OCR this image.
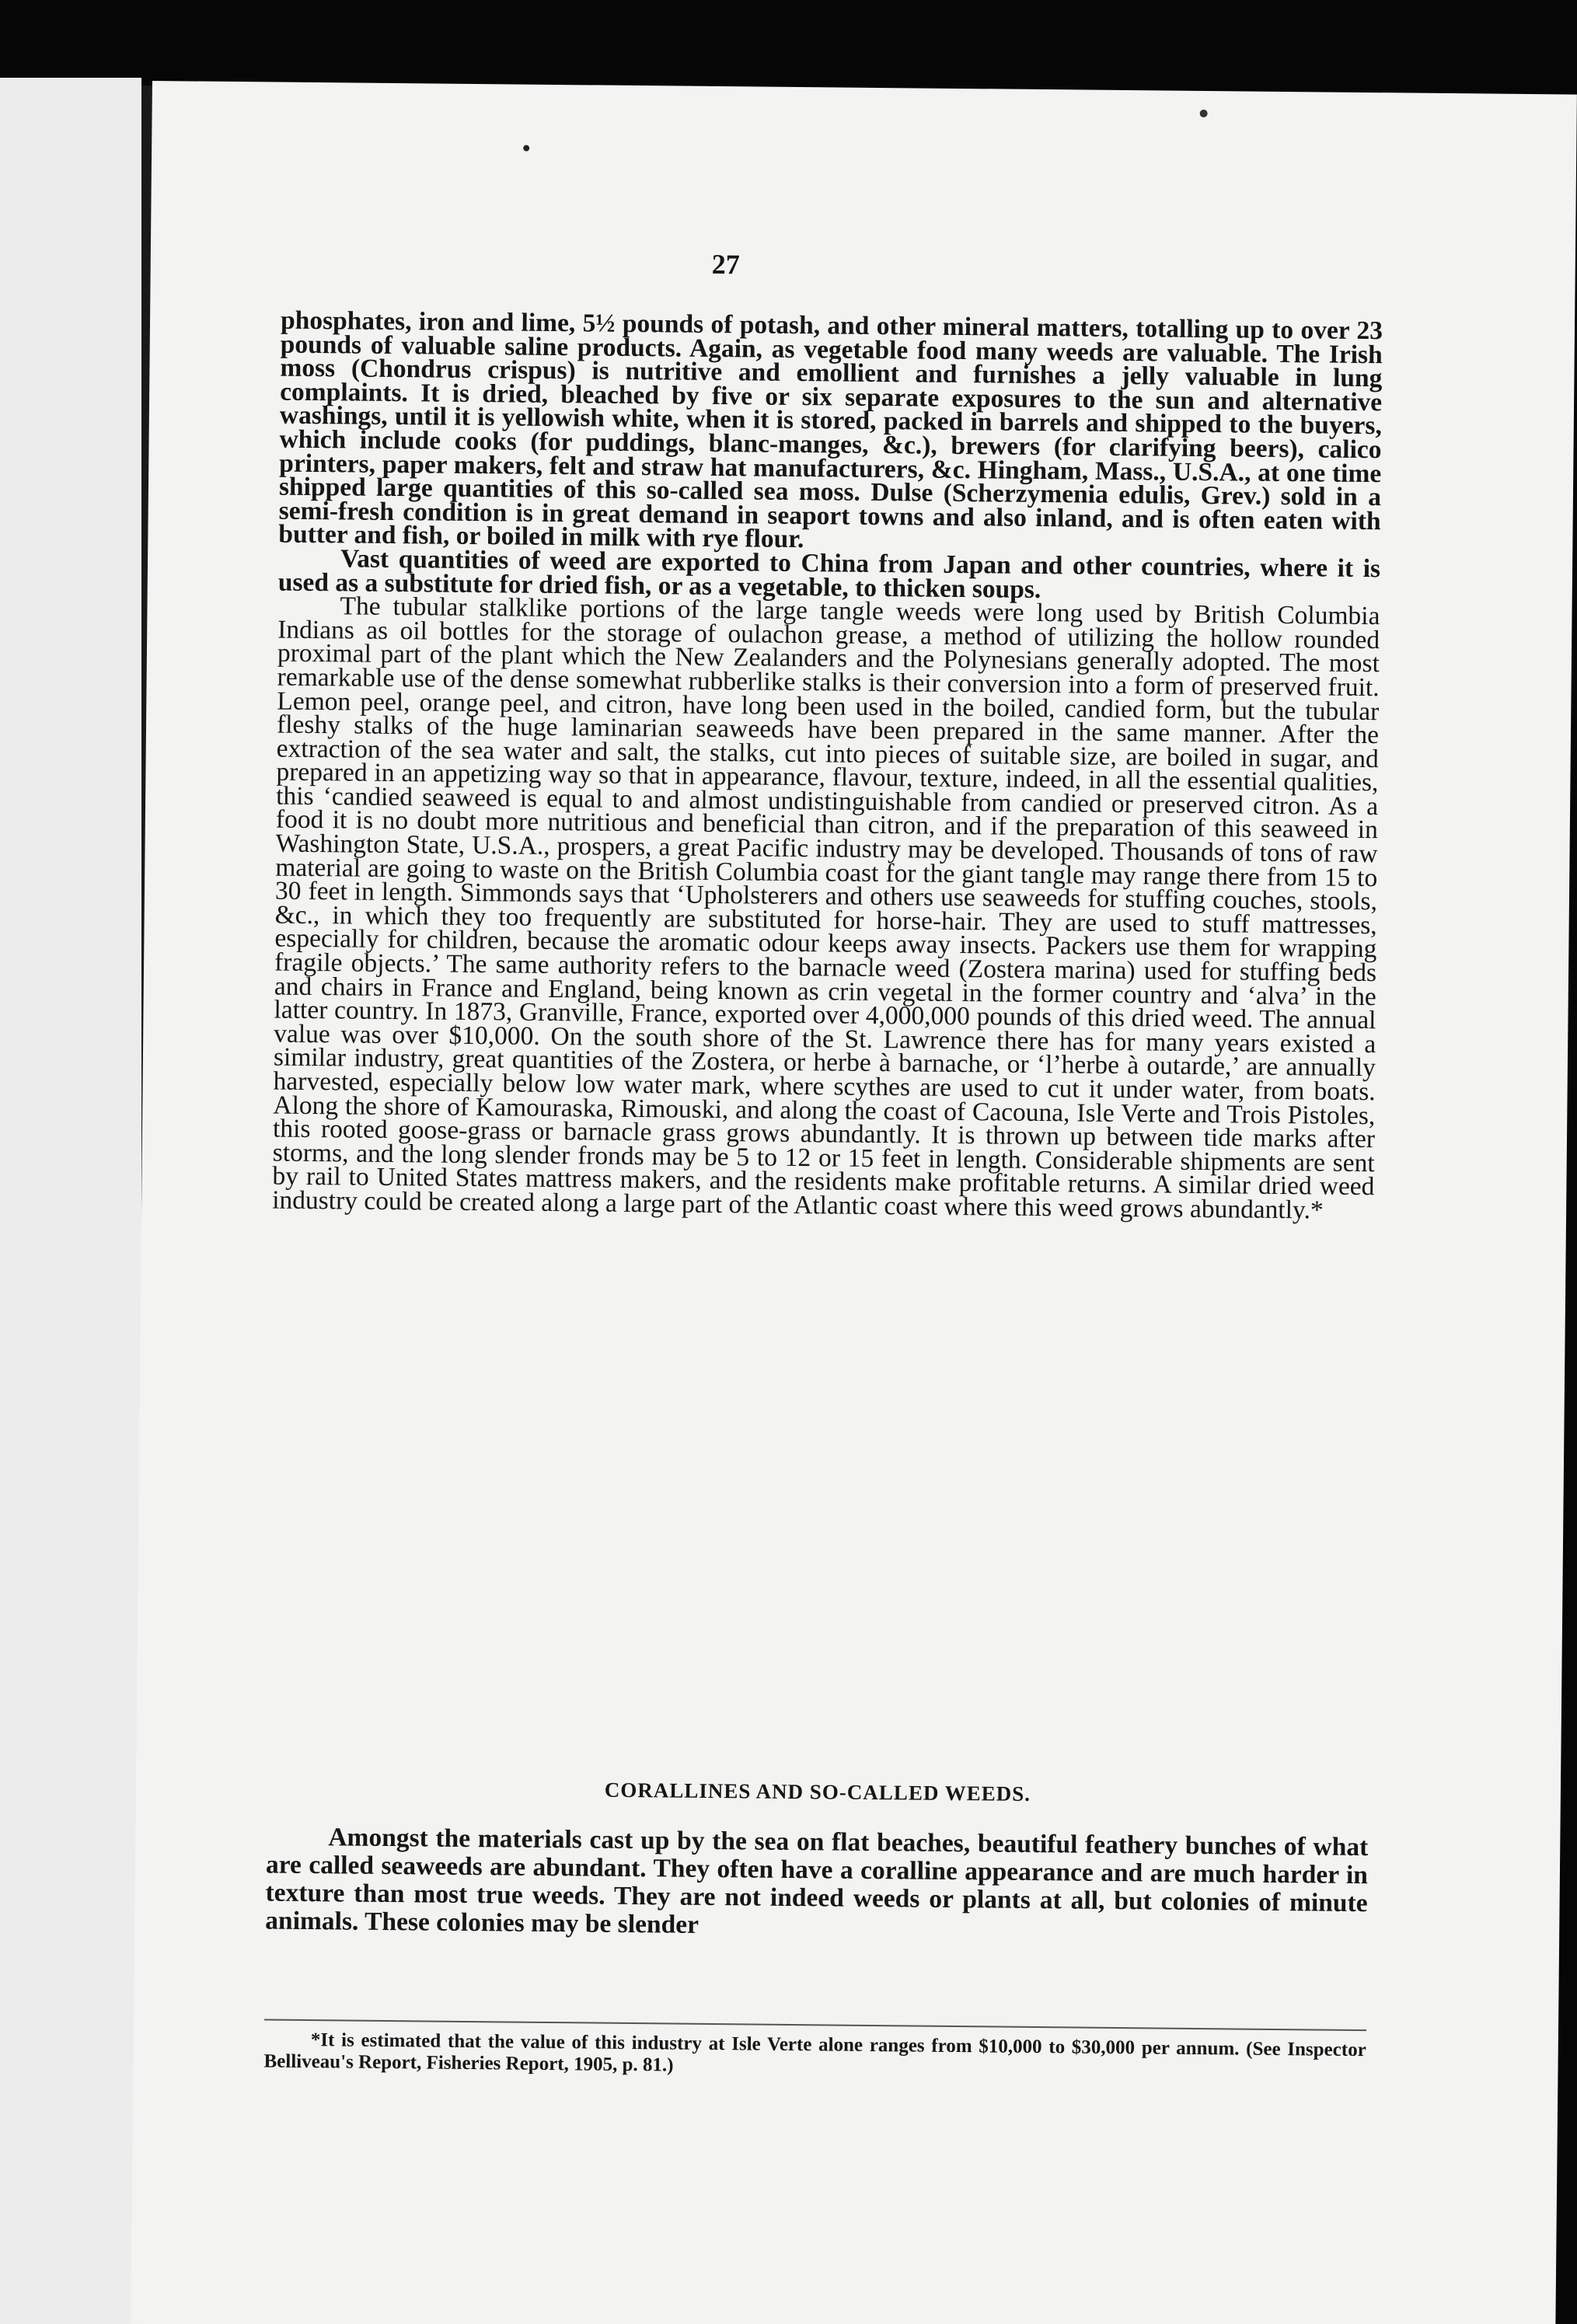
27

phosphates, iron and lime, 5½ pounds of potash, and other mineral matters, totalling up to over 23 pounds of valuable saline products. Again, as vegetable food many weeds are valuable. The Irish moss (Chondrus crispus) is nutritive and emollient and furnishes a jelly valuable in lung complaints. It is dried, bleached by five or six separate exposures to the sun and alternative washings, until it is yellowish white, when it is stored, packed in barrels and shipped to the buyers, which include cooks (for puddings, blanc-manges, &c.), brewers (for clarifying beers), calico printers, paper makers, felt and straw hat manufacturers, &c. Hingham, Mass., U.S.A., at one time shipped large quantities of this so-called sea moss. Dulse (Scherzymenia edulis, Grev.) sold in a semi-fresh condition is in great demand in seaport towns and also inland, and is often eaten with butter and fish, or boiled in milk with rye flour.

Vast quantities of weed are exported to China from Japan and other countries, where it is used as a substitute for dried fish, or as a vegetable, to thicken soups.

The tubular stalklike portions of the large tangle weeds were long used by British Columbia Indians as oil bottles for the storage of oulachon grease, a method of utilizing the hollow rounded proximal part of the plant which the New Zealanders and the Polynesians generally adopted. The most remarkable use of the dense somewhat rubberlike stalks is their conversion into a form of preserved fruit. Lemon peel, orange peel, and citron, have long been used in the boiled, candied form, but the tubular fleshy stalks of the huge laminarian seaweeds have been prepared in the same manner. After the extraction of the sea water and salt, the stalks, cut into pieces of suitable size, are boiled in sugar, and prepared in an appetizing way so that in appearance, flavour, texture, indeed, in all the essential qualities, this ‘candied seaweed is equal to and almost undistinguishable from candied or preserved citron. As a food it is no doubt more nutritious and beneficial than citron, and if the preparation of this seaweed in Washington State, U.S.A., prospers, a great Pacific industry may be developed. Thousands of tons of raw material are going to waste on the British Columbia coast for the giant tangle may range there from 15 to 30 feet in length. Simmonds says that ‘Upholsterers and others use seaweeds for stuffing couches, stools, &c., in which they too frequently are substituted for horse-hair. They are used to stuff mattresses, especially for children, because the aromatic odour keeps away insects. Packers use them for wrapping fragile objects.’ The same authority refers to the barnacle weed (Zostera marina) used for stuffing beds and chairs in France and England, being known as crin vegetal in the former country and ‘alva’ in the latter country. In 1873, Granville, France, exported over 4,000,000 pounds of this dried weed. The annual value was over $10,000. On the south shore of the St. Lawrence there has for many years existed a similar industry, great quantities of the Zostera, or herbe à barnache, or ‘l’herbe à outarde,’ are annually harvested, especially below low water mark, where scythes are used to cut it under water, from boats. Along the shore of Kamouraska, Rimouski, and along the coast of Cacouna, Isle Verte and Trois Pistoles, this rooted goose-grass or barnacle grass grows abundantly. It is thrown up between tide marks after storms, and the long slender fronds may be 5 to 12 or 15 feet in length. Considerable shipments are sent by rail to United States mattress makers, and the residents make profitable returns. A similar dried weed industry could be created along a large part of the Atlantic coast where this weed grows abundantly.*

CORALLINES AND SO-CALLED WEEDS.

Amongst the materials cast up by the sea on flat beaches, beautiful feathery bunches of what are called seaweeds are abundant. They often have a coralline appearance and are much harder in texture than most true weeds. They are not indeed weeds or plants at all, but colonies of minute animals. These colonies may be slender

*It is estimated that the value of this industry at Isle Verte alone ranges from $10,000 to $30,000 per annum. (See Inspector Belliveau's Report, Fisheries Report, 1905, p. 81.)
